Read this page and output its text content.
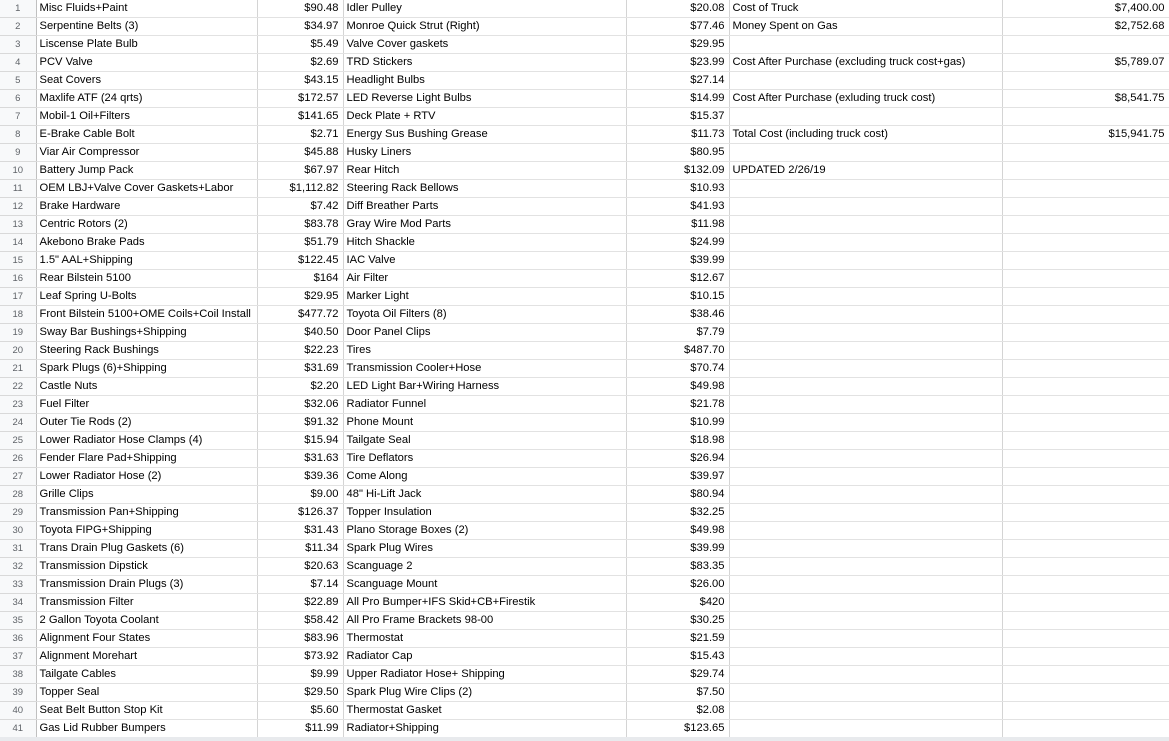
1	Misc Fluids+Paint	$90.48	Idler Pulley	$20.08	Cost of Truck	$7,400.00
2	Serpentine Belts (3)	$34.97	Monroe Quick Strut (Right)	$77.46	Money Spent on Gas	$2,752.68
3	Liscense Plate Bulb	$5.49	Valve Cover gaskets	$29.95		
4	PCV Valve	$2.69	TRD Stickers	$23.99	Cost After Purchase (excluding truck cost+gas)	$5,789.07
5	Seat Covers	$43.15	Headlight Bulbs	$27.14		
6	Maxlife ATF (24 qrts)	$172.57	LED Reverse Light Bulbs	$14.99	Cost After Purchase (exluding truck cost)	$8,541.75
7	Mobil-1 Oil+Filters	$141.65	Deck Plate + RTV	$15.37		
8	E-Brake Cable Bolt	$2.71	Energy Sus Bushing Grease	$11.73	Total Cost (including truck cost)	$15,941.75
9	Viar Air Compressor	$45.88	Husky Liners	$80.95		
10	Battery Jump Pack	$67.97	Rear Hitch	$132.09	UPDATED 2/26/19	
11	OEM LBJ+Valve Cover Gaskets+Labor	$1,112.82	Steering Rack Bellows	$10.93		
12	Brake Hardware	$7.42	Diff Breather Parts	$41.93		
13	Centric Rotors (2)	$83.78	Gray Wire Mod Parts	$11.98		
14	Akebono Brake Pads	$51.79	Hitch Shackle	$24.99		
15	1.5" AAL+Shipping	$122.45	IAC Valve	$39.99		
16	Rear Bilstein 5100	$164	Air Filter	$12.67		
17	Leaf Spring U-Bolts	$29.95	Marker Light	$10.15		
18	Front Bilstein 5100+OME Coils+Coil Install	$477.72	Toyota Oil Filters (8)	$38.46		
19	Sway Bar Bushings+Shipping	$40.50	Door Panel Clips	$7.79		
20	Steering Rack Bushings	$22.23	Tires	$487.70		
21	Spark Plugs (6)+Shipping	$31.69	Transmission Cooler+Hose	$70.74		
22	Castle Nuts	$2.20	LED Light Bar+Wiring Harness	$49.98		
23	Fuel Filter	$32.06	Radiator Funnel	$21.78		
24	Outer Tie Rods (2)	$91.32	Phone Mount	$10.99		
25	Lower Radiator Hose Clamps (4)	$15.94	Tailgate Seal	$18.98		
26	Fender Flare Pad+Shipping	$31.63	Tire Deflators	$26.94		
27	Lower Radiator Hose (2)	$39.36	Come Along	$39.97		
28	Grille Clips	$9.00	48" Hi-Lift Jack	$80.94		
29	Transmission Pan+Shipping	$126.37	Topper Insulation	$32.25		
30	Toyota FIPG+Shipping	$31.43	Plano Storage Boxes (2)	$49.98		
31	Trans Drain Plug Gaskets (6)	$11.34	Spark Plug Wires	$39.99		
32	Transmission Dipstick	$20.63	Scanguage 2	$83.35		
33	Transmission Drain Plugs (3)	$7.14	Scanguage Mount	$26.00		
34	Transmission Filter	$22.89	All Pro Bumper+IFS Skid+CB+Firestik	$420		
35	2 Gallon Toyota Coolant	$58.42	All Pro Frame Brackets 98-00	$30.25		
36	Alignment Four States	$83.96	Thermostat	$21.59		
37	Alignment Morehart	$73.92	Radiator Cap	$15.43		
38	Tailgate Cables	$9.99	Upper Radiator Hose+ Shipping	$29.74		
39	Topper Seal	$29.50	Spark Plug Wire Clips (2)	$7.50		
40	Seat Belt Button Stop Kit	$5.60	Thermostat Gasket	$2.08		
41	Gas Lid Rubber Bumpers	$11.99	Radiator+Shipping	$123.65		
